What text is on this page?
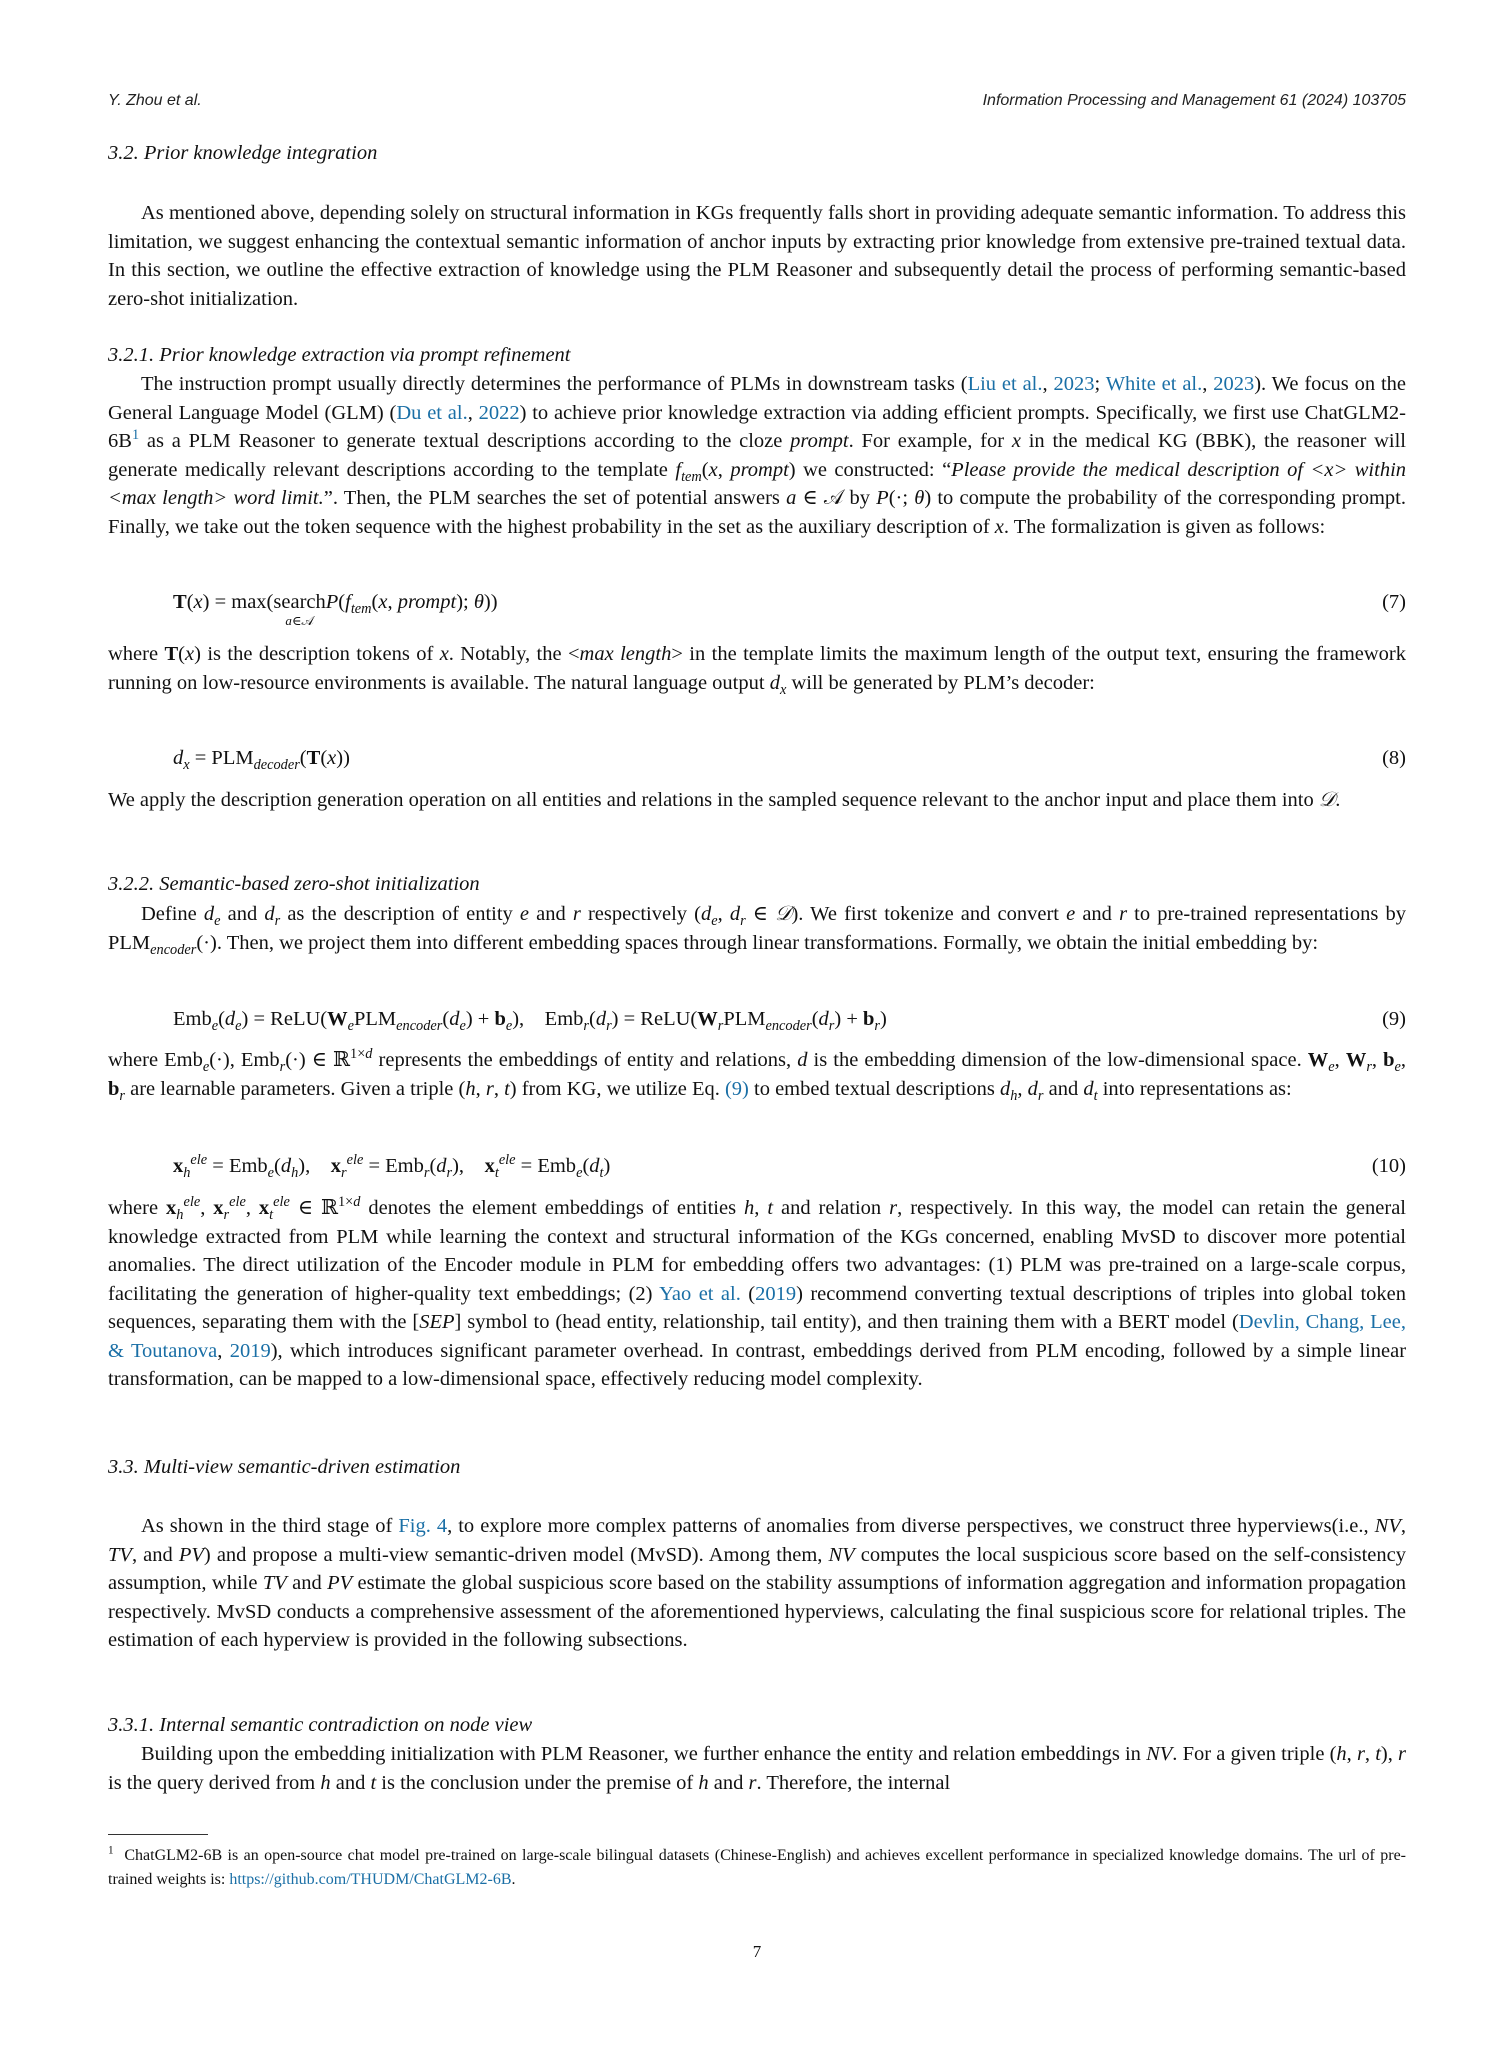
Y. Zhou et al.	Information Processing and Management 61 (2024) 103705
3.2. Prior knowledge integration
As mentioned above, depending solely on structural information in KGs frequently falls short in providing adequate semantic information. To address this limitation, we suggest enhancing the contextual semantic information of anchor inputs by extracting prior knowledge from extensive pre-trained textual data. In this section, we outline the effective extraction of knowledge using the PLM Reasoner and subsequently detail the process of performing semantic-based zero-shot initialization.
3.2.1. Prior knowledge extraction via prompt refinement
The instruction prompt usually directly determines the performance of PLMs in downstream tasks (Liu et al., 2023; White et al., 2023). We focus on the General Language Model (GLM) (Du et al., 2022) to achieve prior knowledge extraction via adding efficient prompts. Specifically, we first use ChatGLM2-6B$^1$ as a PLM Reasoner to generate textual descriptions according to the cloze prompt. For example, for x in the medical KG (BBK), the reasoner will generate medically relevant descriptions according to the template $f_{tem}(x$, prompt) we constructed: “Please provide the medical description of <x> within <max length> word limit.”. Then, the PLM searches the set of potential answers a ∈ 𝒜 by P(·; θ) to compute the probability of the corresponding prompt. Finally, we take out the token sequence with the highest probability in the set as the auxiliary description of x. The formalization is given as follows:
T(x) = max(search

a∈𝒜
$P(f_{tem}(x$, prompt); θ))	(7)
where T(x) is the description tokens of x. Notably, the <max length> in the template limits the maximum length of the output text, ensuring the framework running on low-resource environments is available. The natural language output $d_x$ will be generated by PLM’s decoder:
$d_x = PLM_{decoder}(T(x))$	(8)
We apply the description generation operation on all entities and relations in the sampled sequence relevant to the anchor input and place them into 𝒟.
3.2.2. Semantic-based zero-shot initialization
Define $d_e$ and $d_r$ as the description of entity e and r respectively ($d_e$, $d_r$ ∈ 𝒟). We first tokenize and convert e and r to pre-trained representations by $PLM_{encoder}(\cdot)$. Then, we project them into different embedding spaces through linear transformations. Formally, we obtain the initial embedding by:
$Emb_e(d_e)$ = $ReLU(W_ePLM_{encoder}(d_e) + b_e)$,    $Emb_r(d_r)$ = $ReLU(W_rPLM_{encoder}(d_r) + b_r)$	(9)
where Emb$_e$(·), Emb$_r$(·) ∈ ℝ$^{1\times d}$ represents the embeddings of entity and relations, d is the embedding dimension of the low-dimensional space. $W_e$, $W_r$, $b_e$, $b_r$ are learnable parameters. Given a triple (h, r, t) from KG, we utilize Eq. (9) to embed textual descriptions $d_h$, $d_r$ and $d_t$ into representations as:
$x_h^{ele} = Emb_e(d_h)$,    $x_r^{ele} = Emb_r(d_r)$,    $x_t^{ele} = Emb_e(d_t)$	(10)
where $x_h^{ele}$, $x_r^{ele}$, $x_t^{ele}$ ∈ ℝ$^{1\times d}$ denotes the element embeddings of entities h, t and relation r, respectively. In this way, the model can retain the general knowledge extracted from PLM while learning the context and structural information of the KGs concerned, enabling MvSD to discover more potential anomalies. The direct utilization of the Encoder module in PLM for embedding offers two advantages: (1) PLM was pre-trained on a large-scale corpus, facilitating the generation of higher-quality text embeddings; (2) Yao et al. (2019) recommend converting textual descriptions of triples into global token sequences, separating them with the [SEP] symbol to (head entity, relationship, tail entity), and then training them with a BERT model (Devlin, Chang, Lee, & Toutanova, 2019), which introduces significant parameter overhead. In contrast, embeddings derived from PLM encoding, followed by a simple linear transformation, can be mapped to a low-dimensional space, effectively reducing model complexity.
3.3. Multi-view semantic-driven estimation
As shown in the third stage of Fig. 4, to explore more complex patterns of anomalies from diverse perspectives, we construct three hyperviews(i.e., NV, TV, and PV) and propose a multi-view semantic-driven model (MvSD). Among them, NV computes the local suspicious score based on the self-consistency assumption, while TV and PV estimate the global suspicious score based on the stability assumptions of information aggregation and information propagation respectively. MvSD conducts a comprehensive assessment of the aforementioned hyperviews, calculating the final suspicious score for relational triples. The estimation of each hyperview is provided in the following subsections.
3.3.1. Internal semantic contradiction on node view
Building upon the embedding initialization with PLM Reasoner, we further enhance the entity and relation embeddings in NV. For a given triple (h, r, t), r is the query derived from h and t is the conclusion under the premise of h and r. Therefore, the internal
$^1$ ChatGLM2-6B is an open-source chat model pre-trained on large-scale bilingual datasets (Chinese-English) and achieves excellent performance in specialized knowledge domains. The url of pre-trained weights is: https://github.com/THUDM/ChatGLM2-6B.
7
